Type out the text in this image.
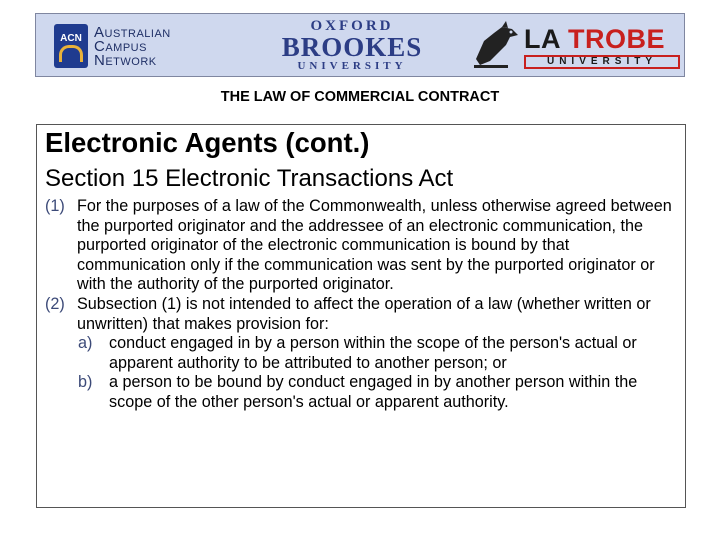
ACN Australian
Campus
Network
OXFORD
BROOKES
UNIVERSITY
LA TROBE
UNIVERSITY
THE LAW OF COMMERCIAL CONTRACT
Electronic Agents (cont.)
Section 15 Electronic Transactions Act
(1) For the purposes of a law of the Commonwealth, unless otherwise agreed between the purported originator and the addressee of an electronic communication, the purported originator of the electronic communication is bound by that communication only if the communication was sent by the purported originator or with the authority of the purported originator.
(2) Subsection (1) is not intended to affect the operation of a law (whether written or unwritten) that makes provision for:
a) conduct engaged in by a person within the scope of the person's actual or apparent authority to be attributed to another person; or
b) a person to be bound by conduct engaged in by another person within the scope of the other person's actual or apparent authority.
